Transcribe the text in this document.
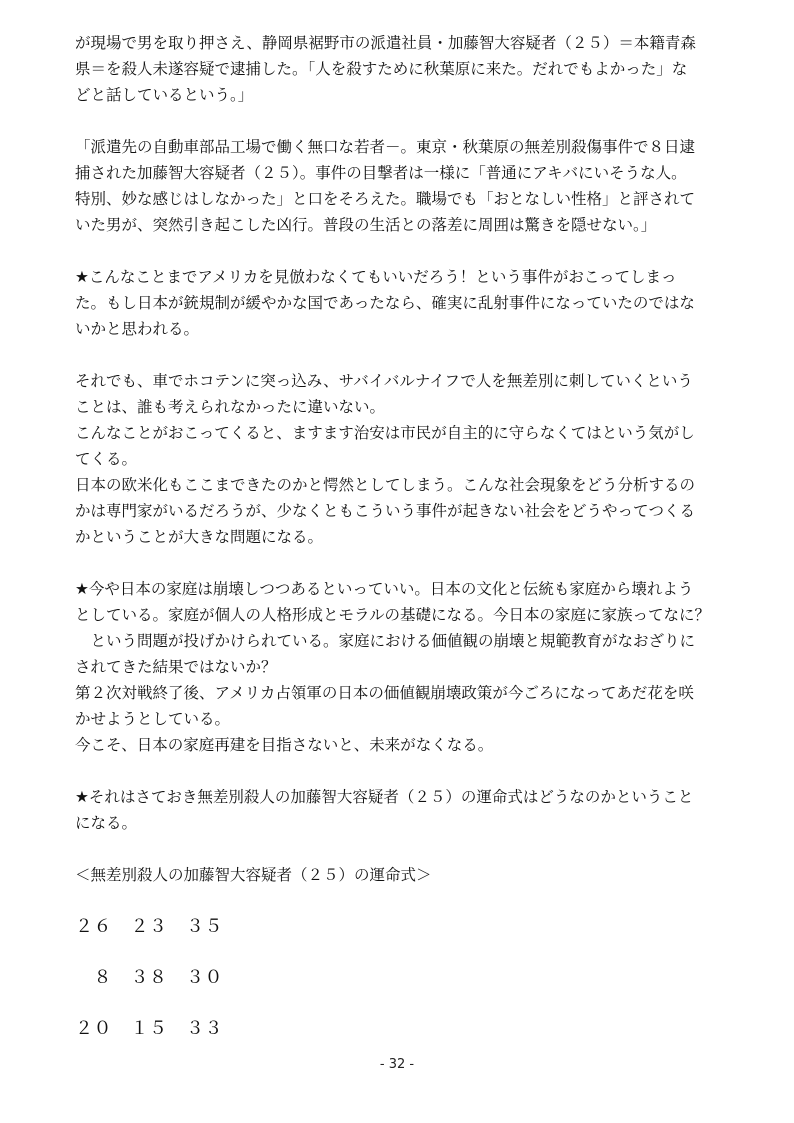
が現場で男を取り押さえ、静岡県裾野市の派遣社員・加藤智大容疑者（２５）＝本籍青森
県＝を殺人未遂容疑で逮捕した。「人を殺すために秋葉原に来た。だれでもよかった」な
どと話しているという。」

「派遣先の自動車部品工場で働く無口な若者－。東京・秋葉原の無差別殺傷事件で８日逮
捕された加藤智大容疑者（２５）。事件の目撃者は一様に「普通にアキバにいそうな人。
特別、妙な感じはしなかった」と口をそろえた。職場でも「おとなしい性格」と評されて
いた男が、突然引き起こした凶行。普段の生活との落差に周囲は驚きを隠せない。」

★こんなことまでアメリカを見倣わなくてもいいだろう！という事件がおこってしまっ
た。もし日本が銃規制が緩やかな国であったなら、確実に乱射事件になっていたのではな
いかと思われる。

それでも、車でホコテンに突っ込み、サバイバルナイフで人を無差別に刺していくという
ことは、誰も考えられなかったに違いない。
こんなことがおこってくると、ますます治安は市民が自主的に守らなくてはという気がし
てくる。
日本の欧米化もここまできたのかと愕然としてしまう。こんな社会現象をどう分析するの
かは専門家がいるだろうが、少なくともこういう事件が起きない社会をどうやってつくる
かということが大きな問題になる。

★今や日本の家庭は崩壊しつつあるといっていい。日本の文化と伝統も家庭から壊れよう
としている。家庭が個人の人格形成とモラルの基礎になる。今日本の家庭に家族ってなに？
　という問題が投げかけられている。家庭における価値観の崩壊と規範教育がなおざりに
されてきた結果ではないか？
第２次対戦終了後、アメリカ占領軍の日本の価値観崩壊政策が今ごろになってあだ花を咲
かせようとしている。
今こそ、日本の家庭再建を目指さないと、未来がなくなる。

★それはさておき無差別殺人の加藤智大容疑者（２５）の運命式はどうなのかということ
になる。

＜無差別殺人の加藤智大容疑者（２５）の運命式＞

２６　２３　３５
　８　３８　３０
２０　１５　３３
- 32 -
